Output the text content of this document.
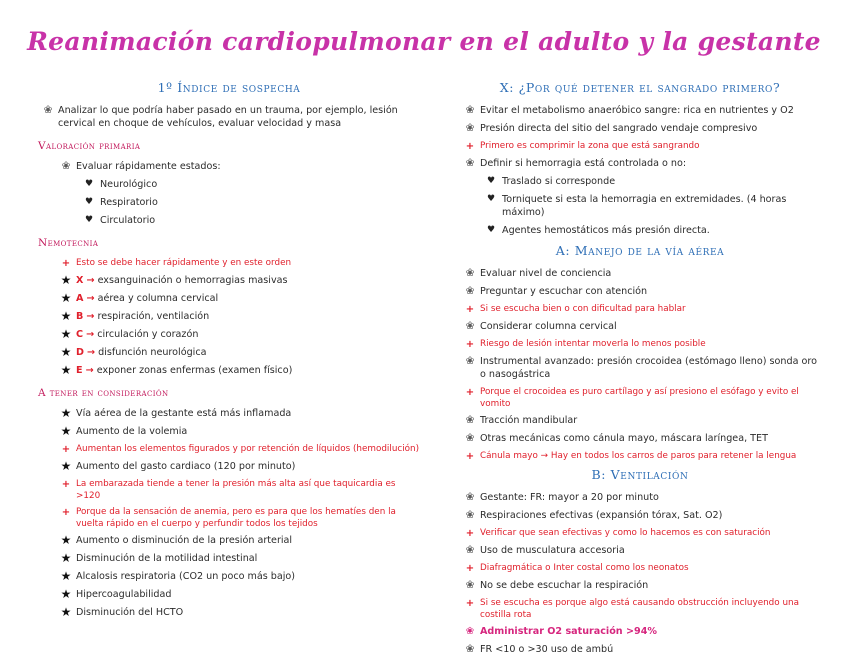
Reanimación cardiopulmonar en el adulto y la gestante
1º Índice de sospecha
❀ Analizar lo que podría haber pasado en un trauma, por ejemplo, lesión cervical en choque de vehículos, evaluar velocidad y masa
Valoración primaria
❀ Evaluar rápidamente estados:
♥ Neurológico
♥ Respiratorio
♥ Circulatorio
Nemotecnia
+ Esto se debe hacer rápidamente y en este orden
★ X → exsanguinación o hemorragias masivas
★ A → aérea y columna cervical
★ B → respiración, ventilación
★ C → circulación y corazón
★ D → disfunción neurológica
★ E → exponer zonas enfermas (examen físico)
A tener en consideración
★ Vía aérea de la gestante está más inflamada
★ Aumento de la volemia
+ Aumentan los elementos figurados y por retención de líquidos (hemodilución)
★ Aumento del gasto cardiaco (120 por minuto)
+ La embarazada tiende a tener la presión más alta así que taquicardia es >120
+ Porque da la sensación de anemia, pero es para que los hematíes den la vuelta rápido en el cuerpo y perfundir todos los tejidos
★ Aumento o disminución de la presión arterial
★ Disminución de la motilidad intestinal
★ Alcalosis respiratoria (CO2 un poco más bajo)
★ Hipercoagulabilidad
★ Disminución del HCTO
X: ¿Por qué detener el sangrado primero?
❀ Evitar el metabolismo anaeróbico sangre: rica en nutrientes y O2
❀ Presión directa del sitio del sangrado vendaje compresivo
+ Primero es comprimir la zona que está sangrando
❀ Definir si hemorragia está controlada o no:
♥ Traslado si corresponde
♥ Torniquete si esta la hemorragia en extremidades. (4 horas máximo)
♥ Agentes hemostáticos más presión directa.
A: Manejo de la vía aérea
❀ Evaluar nivel de conciencia
❀ Preguntar y escuchar con atención
+ Si se escucha bien o con dificultad para hablar
❀ Considerar columna cervical
+ Riesgo de lesión intentar moverla lo menos posible
❀ Instrumental avanzado: presión crocoidea (estómago lleno) sonda oro o nasogástrica
+ Porque el crocoidea es puro cartílago y así presiono el esófago y evito el vomito
❀ Tracción mandibular
❀ Otras mecánicas como cánula mayo, máscara laríngea, TET
+ Cánula mayo → Hay en todos los carros de paros para retener la lengua
B: Ventilación
❀ Gestante: FR: mayor a 20 por minuto
❀ Respiraciones efectivas (expansión tórax, Sat. O2)
+ Verificar que sean efectivas y como lo hacemos es con saturación
❀ Uso de musculatura accesoria
+ Diafragmática o Inter costal como los neonatos
❀ No se debe escuchar la respiración
+ Si se escucha es porque algo está causando obstrucción incluyendo una costilla rota
❀ Administrar O2 saturación >94%
❀ FR <10 o >30 uso de ambú
